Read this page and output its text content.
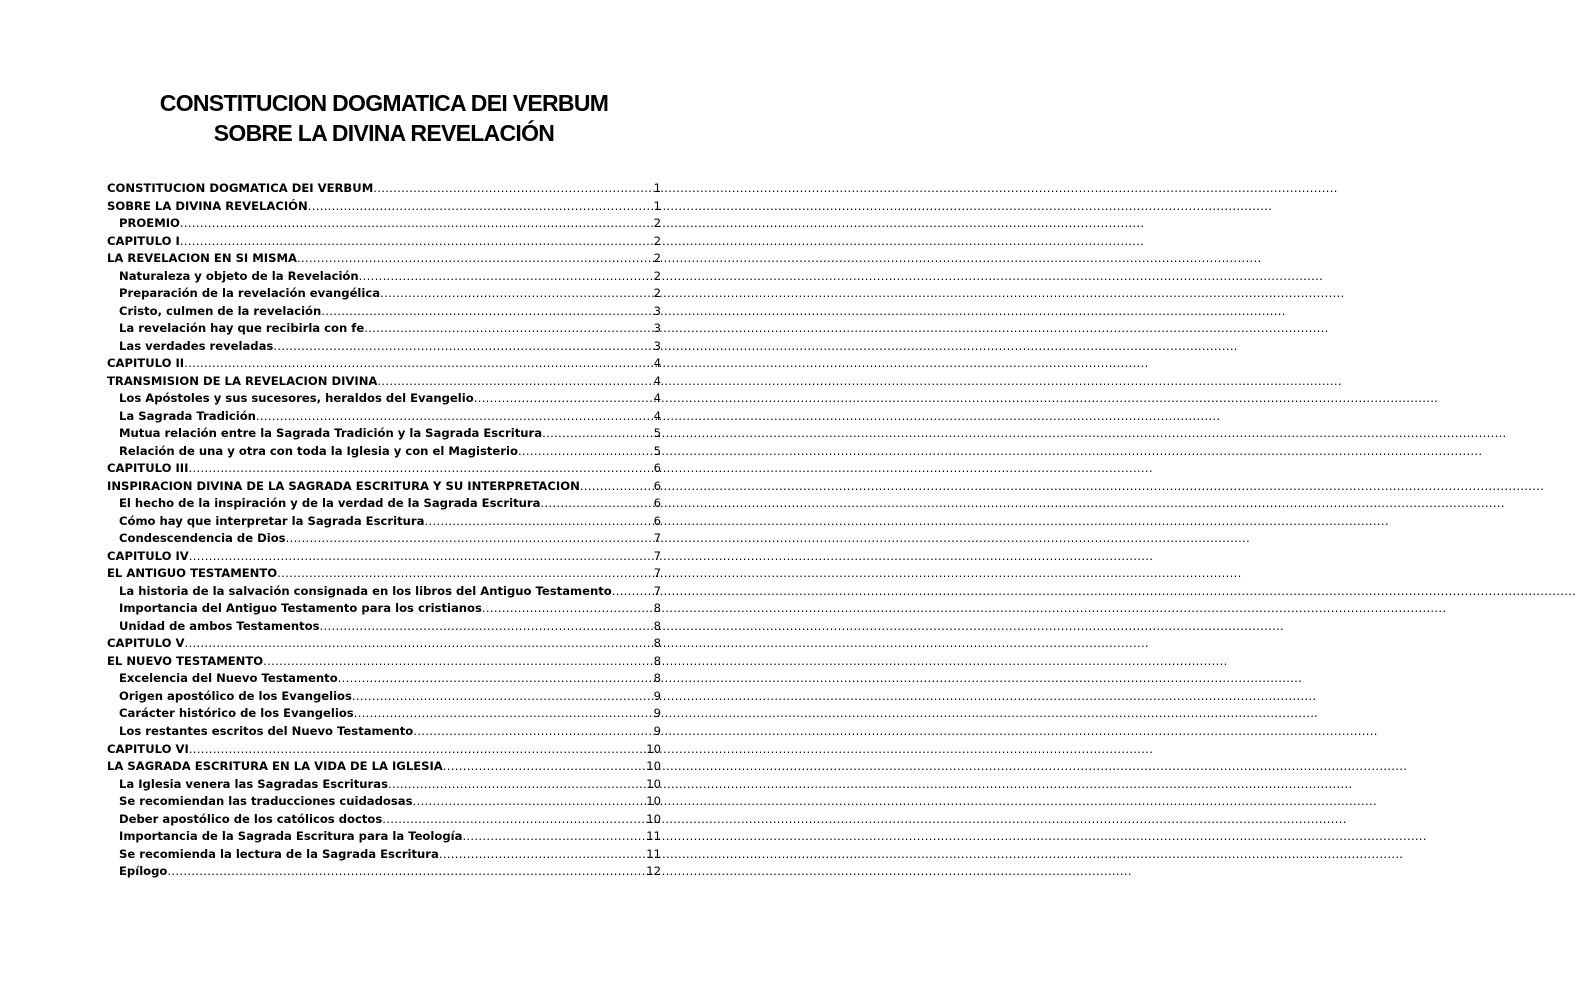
CONSTITUCION DOGMATICA DEI VERBUM
SOBRE LA DIVINA REVELACIÓN
CONSTITUCION DOGMATICA DEI VERBUM .....	1
SOBRE LA DIVINA REVELACIÓN .....	1
PROEMIO .....	2
CAPITULO I .....	2
LA REVELACION EN SI MISMA .....	2
Naturaleza y objeto de la Revelación .....	2
Preparación de la revelación evangélica .....	2
Cristo, culmen de la revelación .....	3
La revelación hay que recibirla con fe .....	3
Las verdades reveladas .....	3
CAPITULO II .....	4
TRANSMISION DE LA REVELACION DIVINA .....	4
Los Apóstoles y sus sucesores, heraldos del Evangelio .....	4
La Sagrada Tradición .....	4
Mutua relación entre la Sagrada Tradición y la Sagrada Escritura .....	5
Relación de una y otra con toda la Iglesia y con el Magisterio .....	5
CAPITULO III .....	6
INSPIRACION DIVINA DE LA SAGRADA ESCRITURA Y SU INTERPRETACION .....	6
El hecho de la inspiración y de la verdad de la Sagrada Escritura .....	6
Cómo hay que interpretar la Sagrada Escritura .....	6
Condescendencia de Dios .....	7
CAPITULO IV .....	7
EL ANTIGUO TESTAMENTO .....	7
La historia de la salvación consignada en los libros del Antiguo Testamento .....	7
Importancia del Antiguo Testamento para los cristianos .....	8
Unidad de ambos Testamentos .....	8
CAPITULO V .....	8
EL NUEVO TESTAMENTO .....	8
Excelencia del Nuevo Testamento .....	8
Origen apostólico de los Evangelios .....	9
Carácter histórico de los Evangelios .....	9
Los restantes escritos del Nuevo Testamento .....	9
CAPITULO VI .....	10
LA SAGRADA ESCRITURA EN LA VIDA DE LA IGLESIA .....	10
La Iglesia venera las Sagradas Escrituras .....	10
Se recomiendan las traducciones cuidadosas .....	10
Deber apostólico de los católicos doctos .....	10
Importancia de la Sagrada Escritura para la Teología .....	11
Se recomienda la lectura de la Sagrada Escritura .....	11
Epílogo .....	12
